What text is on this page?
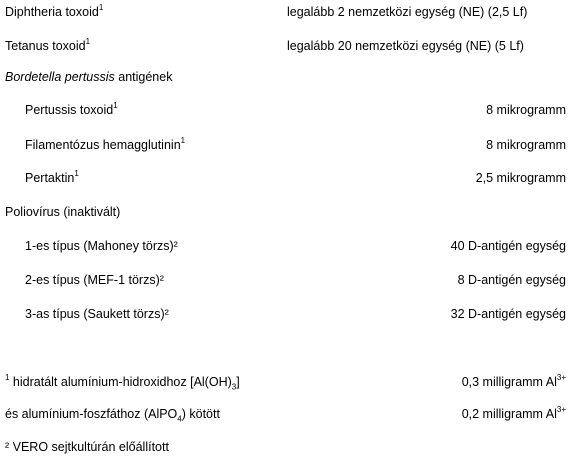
Diphtheria toxoid$^1$	legalább 2 nemzetközi egység (NE) (2,5 Lf)
Tetanus toxoid$^1$	legalább 20 nemzetközi egység (NE) (5 Lf)
Bordetella pertussis antigének
Pertussis toxoid$^1$	8 mikrogramm
Filamentózus hemagglutinin$^1$	8 mikrogramm
Pertaktin$^1$	2,5 mikrogramm
Poliovírus (inaktivált)
1-es típus (Mahoney törzs)²	40 D-antigén egység
2-es típus (MEF-1 törzs)²	8 D-antigén egység
3-as típus (Saukett törzs)²	32 D-antigén egység
$^1$ hidratált alumínium-hidroxidhoz $[Al(OH)_3]$	0,3 milligramm $Al^{3+}$
és alumínium-foszfáthoz (AlPO$_4$) kötött	0,2 milligramm $Al^{3+}$
² VERO sejtkultúrán előállított
